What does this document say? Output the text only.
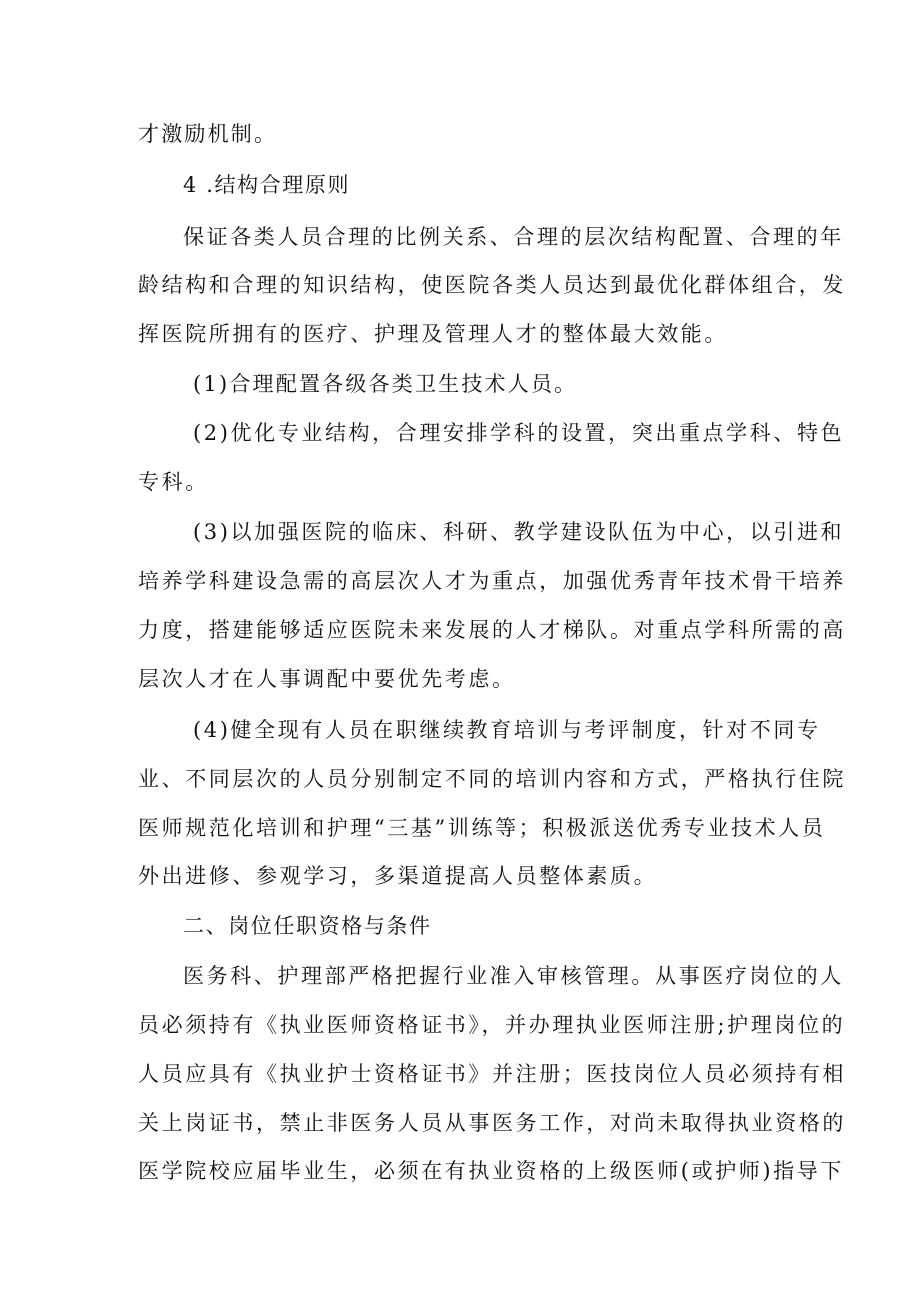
才激励机制。
4 .结构合理原则
保证各类人员合理的比例关系、合理的层次结构配置、合理的年
龄结构和合理的知识结构，使医院各类人员达到最优化群体组合，发
挥医院所拥有的医疗、护理及管理人才的整体最大效能。
(1)合理配置各级各类卫生技术人员。
(2)优化专业结构，合理安排学科的设置，突出重点学科、特色
专科。
(3)以加强医院的临床、科研、教学建设队伍为中心，以引进和
培养学科建设急需的高层次人才为重点，加强优秀青年技术骨干培养
力度，搭建能够适应医院未来发展的人才梯队。对重点学科所需的高
层次人才在人事调配中要优先考虑。
(4)健全现有人员在职继续教育培训与考评制度，针对不同专
业、不同层次的人员分别制定不同的培训内容和方式，严格执行住院
医师规范化培训和护理“三基”训练等；积极派送优秀专业技术人员
外出进修、参观学习，多渠道提高人员整体素质。
二、岗位任职资格与条件
医务科、护理部严格把握行业准入审核管理。从事医疗岗位的人
员必须持有《执业医师资格证书》，并办理执业医师注册;护理岗位的
人员应具有《执业护士资格证书》并注册；医技岗位人员必须持有相
关上岗证书，禁止非医务人员从事医务工作，对尚未取得执业资格的
医学院校应届毕业生，必须在有执业资格的上级医师(或护师)指导下
